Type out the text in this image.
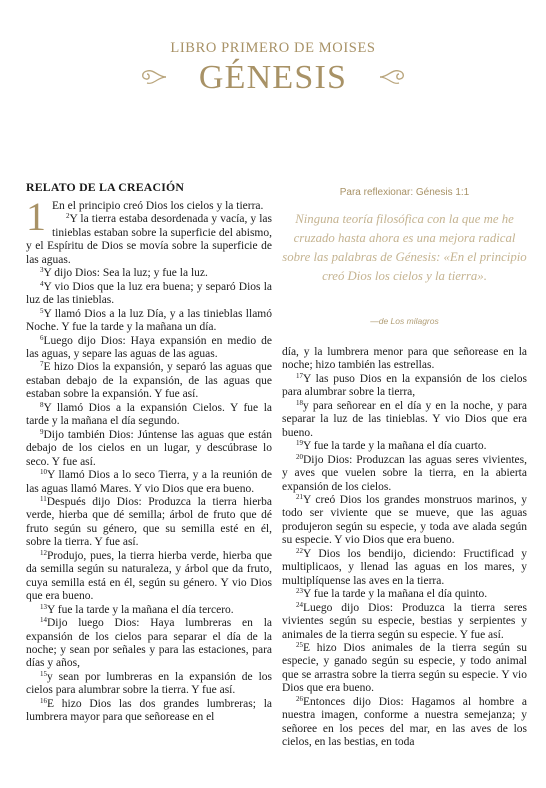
LIBRO PRIMERO DE MOISES
GÉNESIS
RELATO DE LA CREACIÓN	Para reflexionar: Génesis 1:1
Ninguna teoría filosófica con la que me he cruzado hasta ahora es una mejora radical sobre las palabras de Génesis: «En el principio creó Dios los cielos y la tierra».
—de Los milagros

1 En el principio creó Dios los cielos y la tierra.

$^2$Y la tierra estaba desordenada y vacía, y las tinieblas estaban sobre la superficie del abismo, y el Espíritu de Dios se movía sobre la superficie de las aguas.

$^3$Y dijo Dios: Sea la luz; y fue la luz.

$^4$Y vio Dios que la luz era buena; y separó Dios la luz de las tinieblas.

$^5$Y llamó Dios a la luz Día, y a las tinieblas llamó Noche. Y fue la tarde y la mañana un día.

$^6$Luego dijo Dios: Haya expansión en medio de las aguas, y separe las aguas de las aguas.

$^7$E hizo Dios la expansión, y separó las aguas que estaban debajo de la expansión, de las aguas que estaban sobre la expansión. Y fue así.

$^8$Y llamó Dios a la expansión Cielos. Y fue la tarde y la mañana el día segundo.

$^9$Dijo también Dios: Júntense las aguas que están debajo de los cielos en un lugar, y descúbrase lo seco. Y fue así.

$^{10}$Y llamó Dios a lo seco Tierra, y a la reunión de las aguas llamó Mares. Y vio Dios que era bueno.

$^{11}$Después dijo Dios: Produzca la tierra hierba verde, hierba que dé semilla; árbol de fruto que dé fruto según su género, que su semilla esté en él, sobre la tierra. Y fue así.

$^{12}$Produjo, pues, la tierra hierba verde, hierba que da semilla según su naturaleza, y árbol que da fruto, cuya semilla está en él, según su género. Y vio Dios que era bueno.

$^{13}$Y fue la tarde y la mañana el día tercero.

$^{14}$Dijo luego Dios: Haya lumbreras en la expansión de los cielos para separar el día de la noche; y sean por señales y para las estaciones, para días y años,

$^{15}$y sean por lumbreras en la expansión de los cielos para alumbrar sobre la tierra. Y fue así.

$^{16}$E hizo Dios las dos grandes lumbreras; la lumbrera mayor para que señorease en el

día, y la lumbrera menor para que señorease en la noche; hizo también las estrellas.

$^{17}$Y las puso Dios en la expansión de los cielos para alumbrar sobre la tierra,

$^{18}$y para señorear en el día y en la noche, y para separar la luz de las tinieblas. Y vio Dios que era bueno.

$^{19}$Y fue la tarde y la mañana el día cuarto.

$^{20}$Dijo Dios: Produzcan las aguas seres vivientes, y aves que vuelen sobre la tierra, en la abierta expansión de los cielos.

$^{21}$Y creó Dios los grandes monstruos marinos, y todo ser viviente que se mueve, que las aguas produjeron según su especie, y toda ave alada según su especie. Y vio Dios que era bueno.

$^{22}$Y Dios los bendijo, diciendo: Fructificad y multiplicaos, y llenad las aguas en los mares, y multiplíquense las aves en la tierra.

$^{23}$Y fue la tarde y la mañana el día quinto.

$^{24}$Luego dijo Dios: Produzca la tierra seres vivientes según su especie, bestias y serpientes y animales de la tierra según su especie. Y fue así.

$^{25}$E hizo Dios animales de la tierra según su especie, y ganado según su especie, y todo animal que se arrastra sobre la tierra según su especie. Y vio Dios que era bueno.

$^{26}$Entonces dijo Dios: Hagamos al hombre a nuestra imagen, conforme a nuestra semejanza; y señoree en los peces del mar, en las aves de los cielos, en las bestias, en toda
